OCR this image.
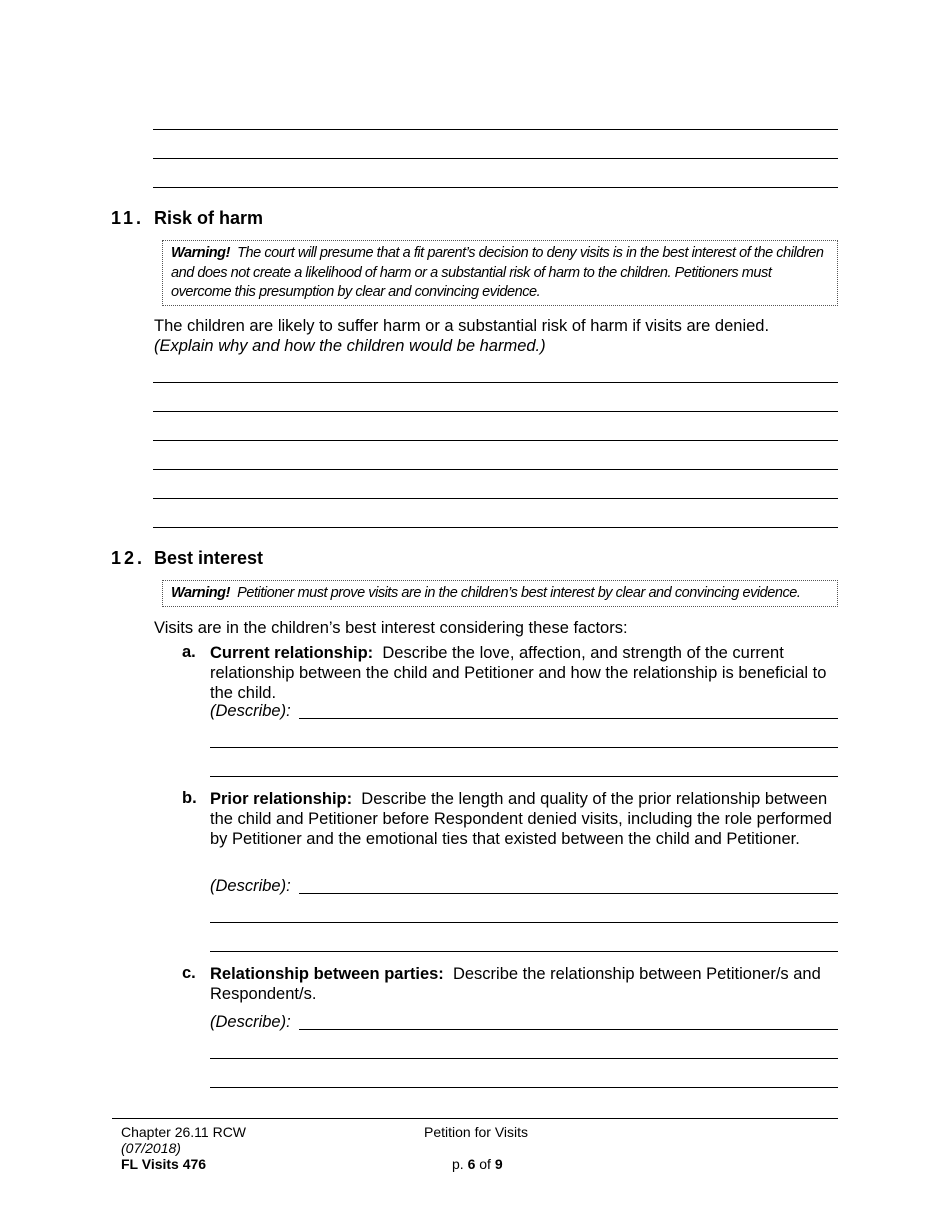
11. Risk of harm
Warning! The court will presume that a fit parent’s decision to deny visits is in the best interest of the children and does not create a likelihood of harm or a substantial risk of harm to the children. Petitioners must overcome this presumption by clear and convincing evidence.
The children are likely to suffer harm or a substantial risk of harm if visits are denied.
(Explain why and how the children would be harmed.)
12. Best interest
Warning! Petitioner must prove visits are in the children’s best interest by clear and convincing evidence.
Visits are in the children’s best interest considering these factors:
a. Current relationship: Describe the love, affection, and strength of the current relationship between the child and Petitioner and how the relationship is beneficial to the child.
(Describe):
b. Prior relationship: Describe the length and quality of the prior relationship between the child and Petitioner before Respondent denied visits, including the role performed by Petitioner and the emotional ties that existed between the child and Petitioner.
(Describe):
c. Relationship between parties: Describe the relationship between Petitioner/s and Respondent/s.
(Describe):
Chapter 26.11 RCW
(07/2018)
FL Visits 476
Petition for Visits
p. 6 of 9
